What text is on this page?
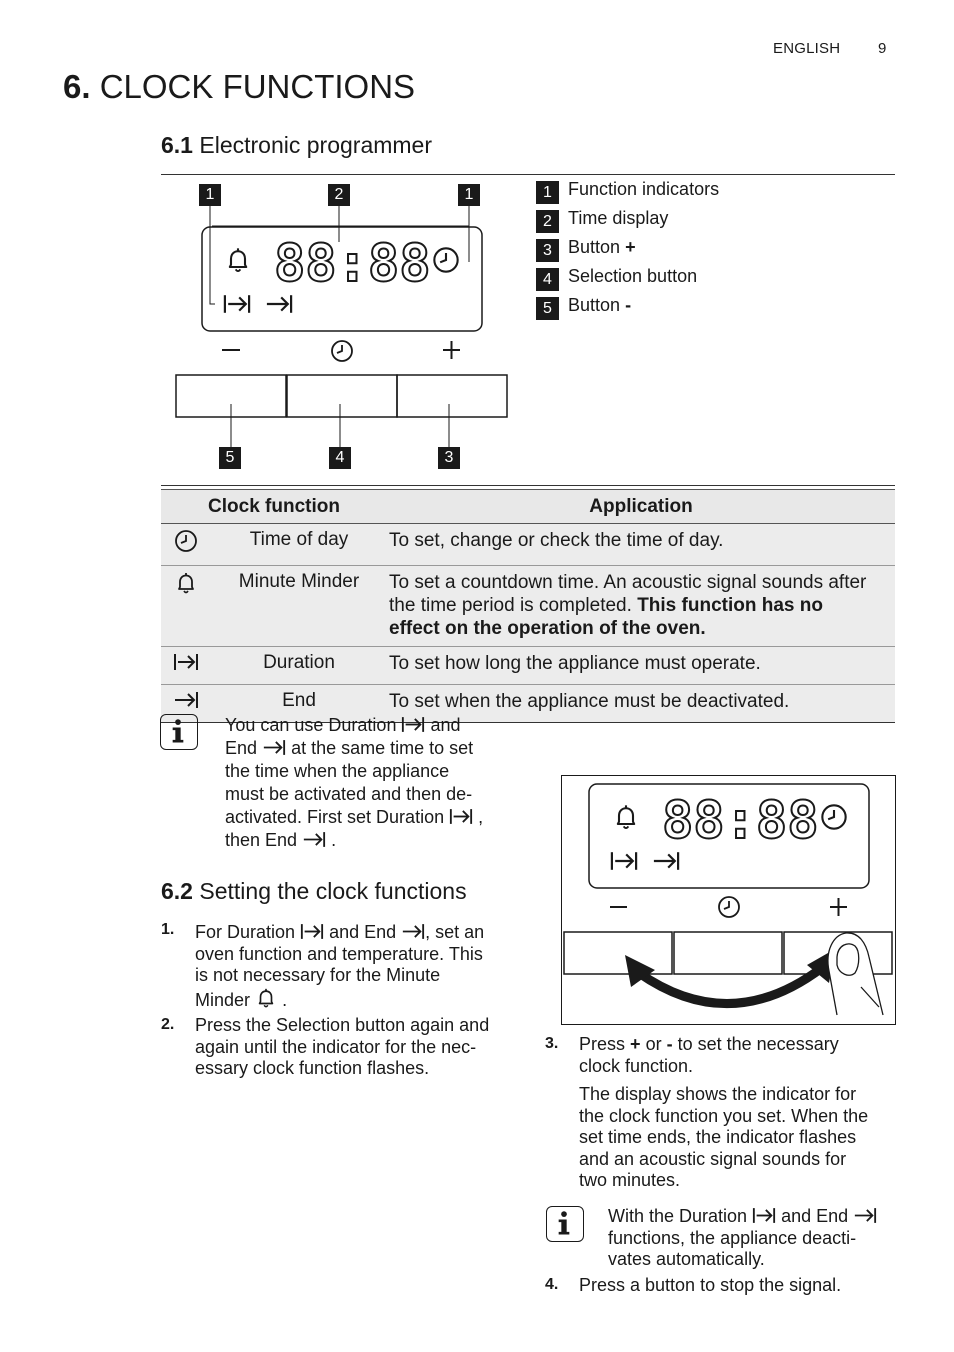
ENGLISH	9
6. CLOCK FUNCTIONS
6.1 Electronic programmer
88:88
1	2	1
5	4	3
1 Function indicators
2 Time display
3 Button
+
4 Selection button
5 Button
-
Clock function		Application
	Time of day	To set, change or check the time of day.
	Minute Minder	To set a countdown time. An acoustic signal sounds after the time period is completed. This function has no effect on the operation of the oven.
	Duration	To set how long the appliance must operate.
	End	To set when the appliance must be deactivated.
You can use Duration and
End at the same time to set
the time when the appliance
must be activated and then de-
activated. First set Duration ,
then End .
6.2 Setting the clock functions
1. For Duration and End , set an
oven function and temperature. This
is not necessary for the Minute
Minder .
2. Press the Selection button again and
again until the indicator for the nec-
essary clock function flashes.
88:88
3. Press + or - to set the necessary
clock function.
The display shows the indicator for
the clock function you set. When the
set time ends, the indicator flashes
and an acoustic signal sounds for
two minutes.
With the Duration and End
functions, the appliance deacti-
vates automatically.
4. Press a button to stop the signal.
